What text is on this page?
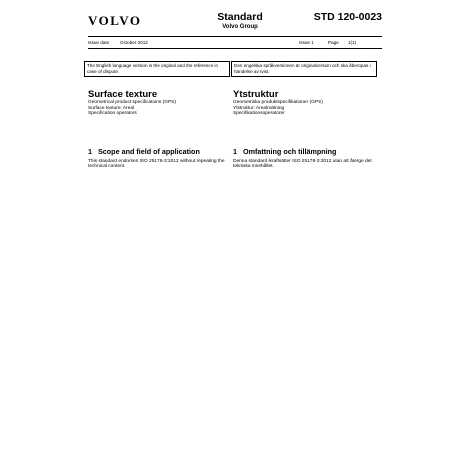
VOLVO	Standard
Volvo Group
STD 120-0023
Issue date October 2012	Issue 1	Page 1(1)
The English language version is the original and the reference in case of dispute.
Den engelska språkversionen är originalversion och ska åberopas i händelse av tvist.

Surface texture

Geometrical product specifications (GPS)

Surface texture: Areal

Specification operators

1 Scope and field of application

This standard endorses ISO 25178-3:2012 without repeating the technical content.

Ytstruktur

Geometriska produktspecifikationer (GPS)

Ytstruktur: Arealmätning

Specifikationsoperatorer

1 Omfattning och tillämpning

Denna standard ikraftsätter ISO 25178-3:2012 utan att återge det tekniska innehållet.
